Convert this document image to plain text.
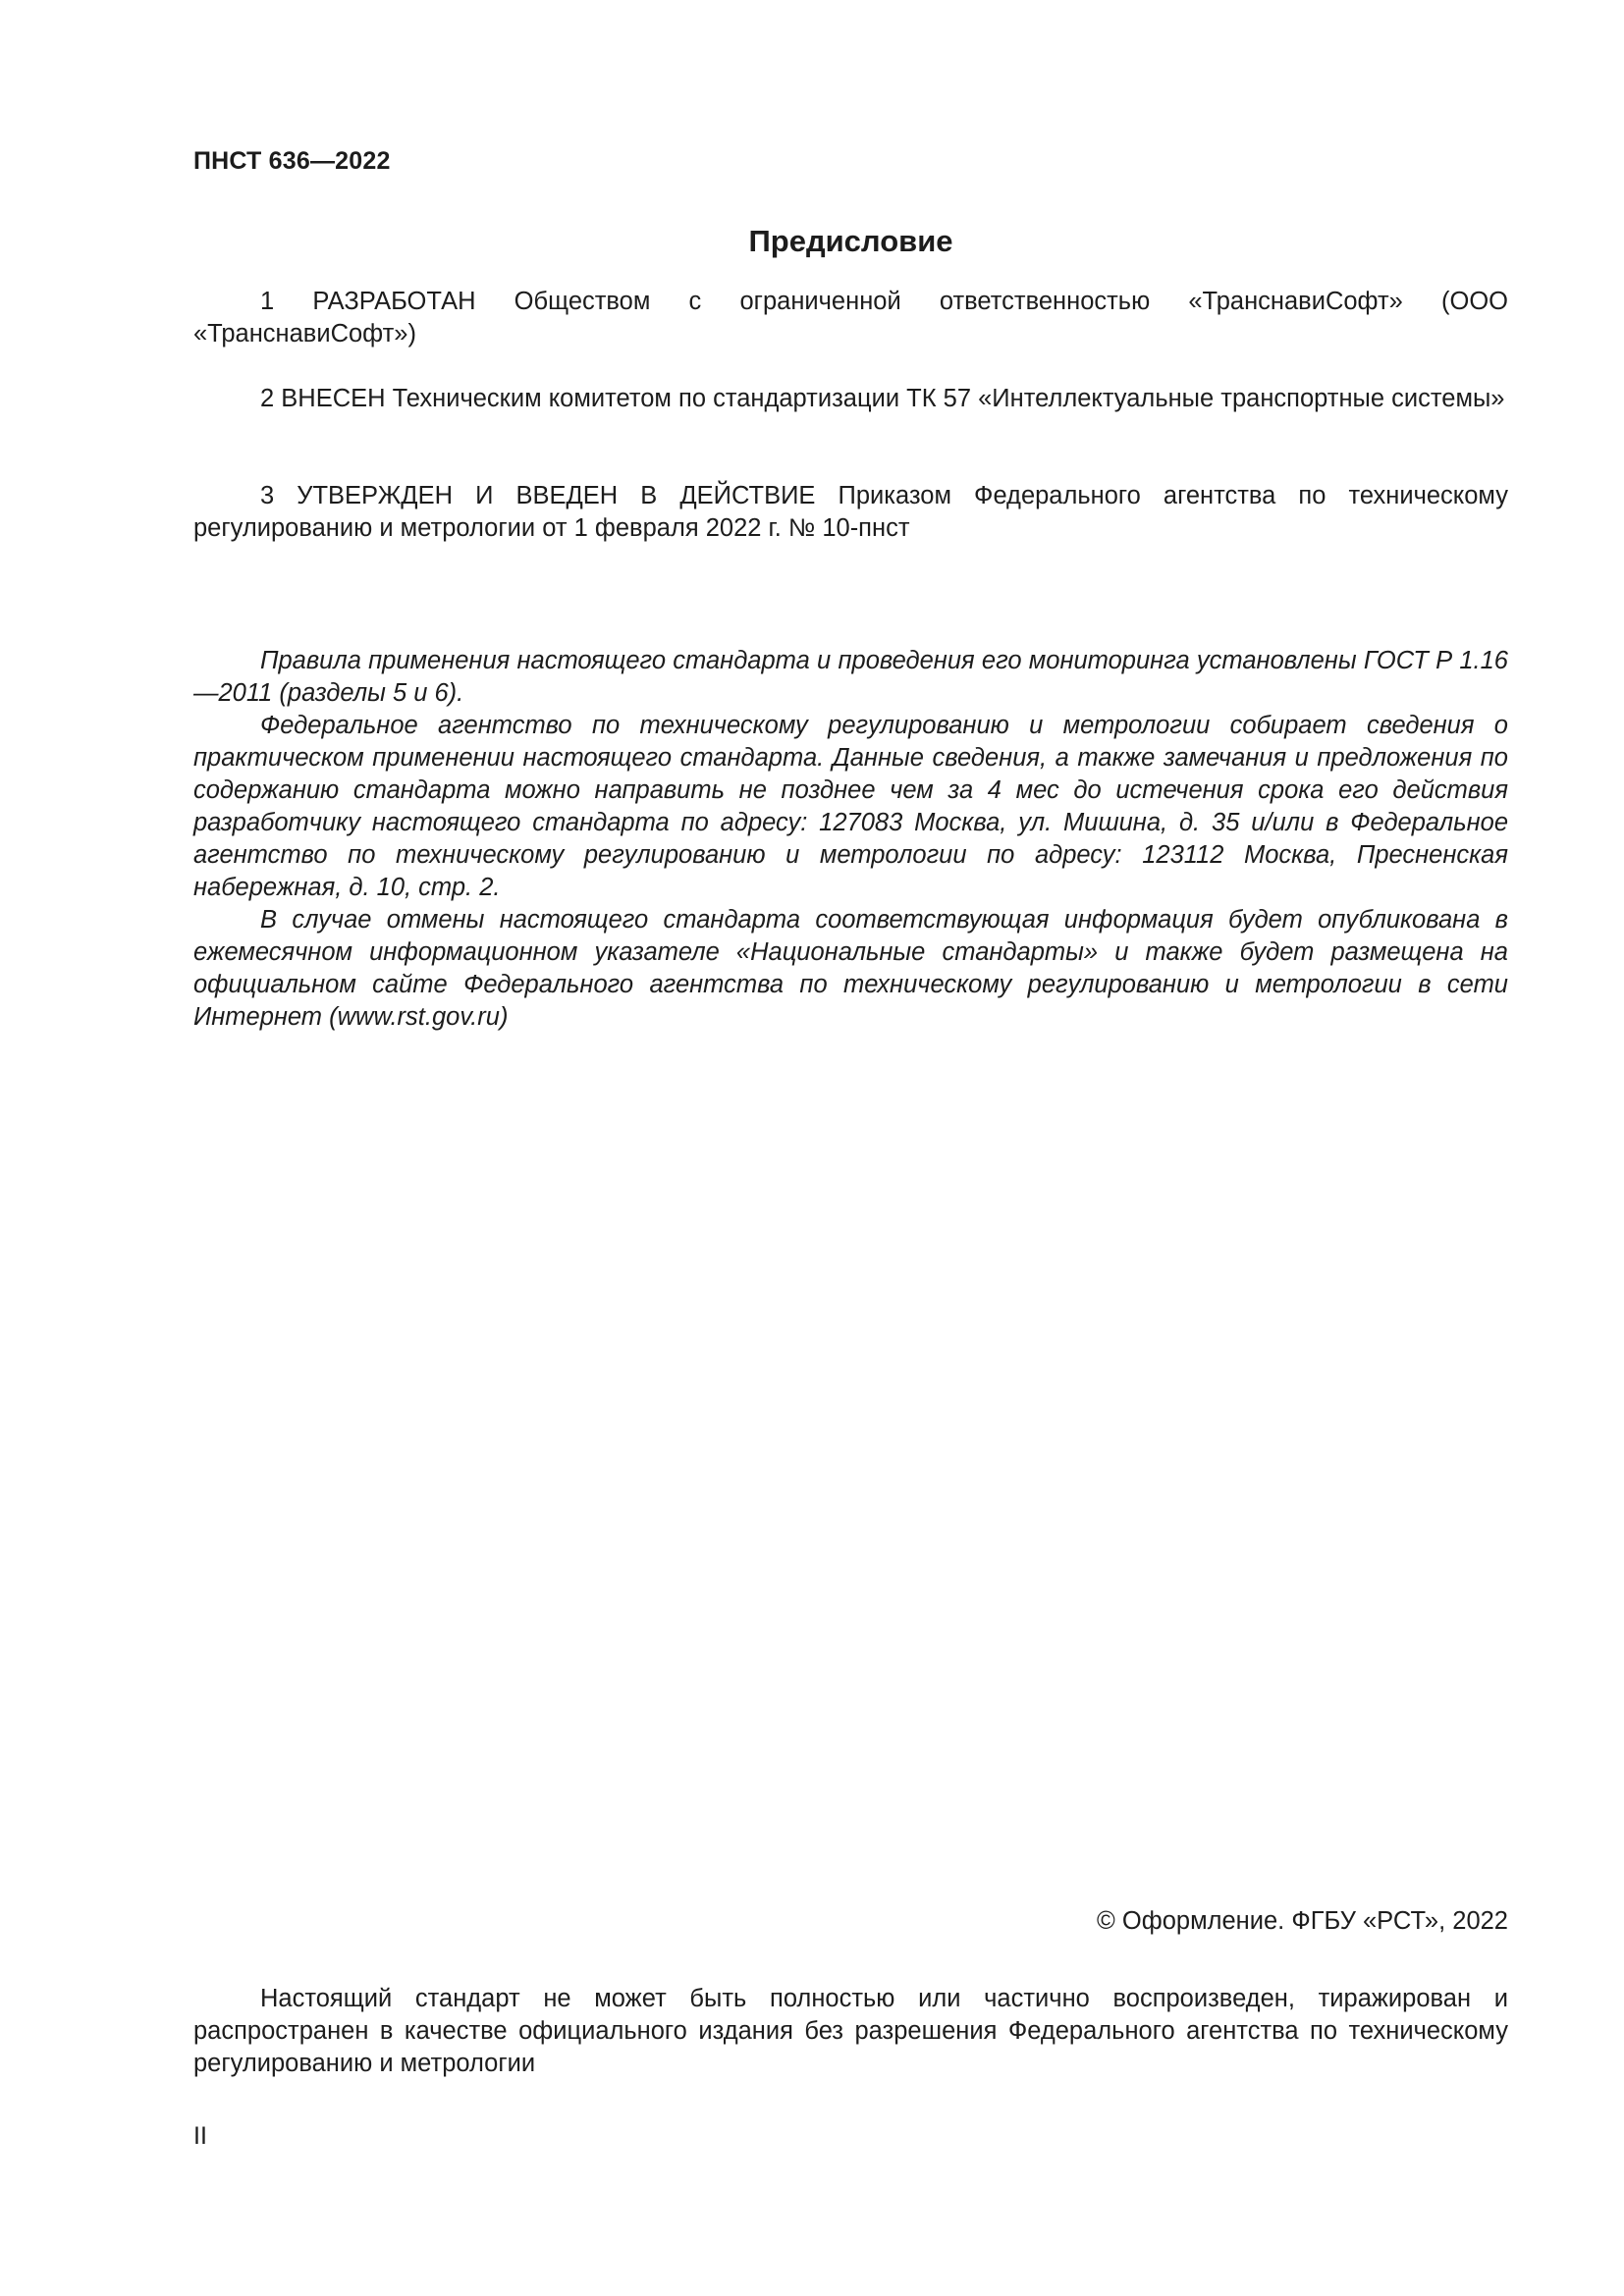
ПНСТ 636—2022
Предисловие

1 РАЗРАБОТАН Обществом с ограниченной ответственностью «ТранснавиСофт» (ООО «ТранснавиСофт»)

2 ВНЕСЕН Техническим комитетом по стандартизации ТК 57 «Интеллектуальные транспортные системы»

3 УТВЕРЖДЕН И ВВЕДЕН В ДЕЙСТВИЕ Приказом Федерального агентства по техническому регулированию и метрологии от 1 февраля 2022 г. № 10-пнст

Правила применения настоящего стандарта и проведения его мониторинга установлены ГОСТ Р 1.16—2011 (разделы 5 и 6).

Федеральное агентство по техническому регулированию и метрологии собирает сведения о практическом применении настоящего стандарта. Данные сведения, а также замечания и предложения по содержанию стандарта можно направить не позднее чем за 4 мес до истечения срока его действия разработчику настоящего стандарта по адресу: 127083 Москва, ул. Мишина, д. 35 и/или в Федеральное агентство по техническому регулированию и метрологии по адресу: 123112 Москва, Пресненская набережная, д. 10, стр. 2.

В случае отмены настоящего стандарта соответствующая информация будет опубликована в ежемесячном информационном указателе «Национальные стандарты» и также будет размещена на официальном сайте Федерального агентства по техническому регулированию и метрологии в сети Интернет (www.rst.gov.ru)

© Оформление. ФГБУ «РСТ», 2022

Настоящий стандарт не может быть полностью или частично воспроизведен, тиражирован и распространен в качестве официального издания без разрешения Федерального агентства по техническому регулированию и метрологии

II
